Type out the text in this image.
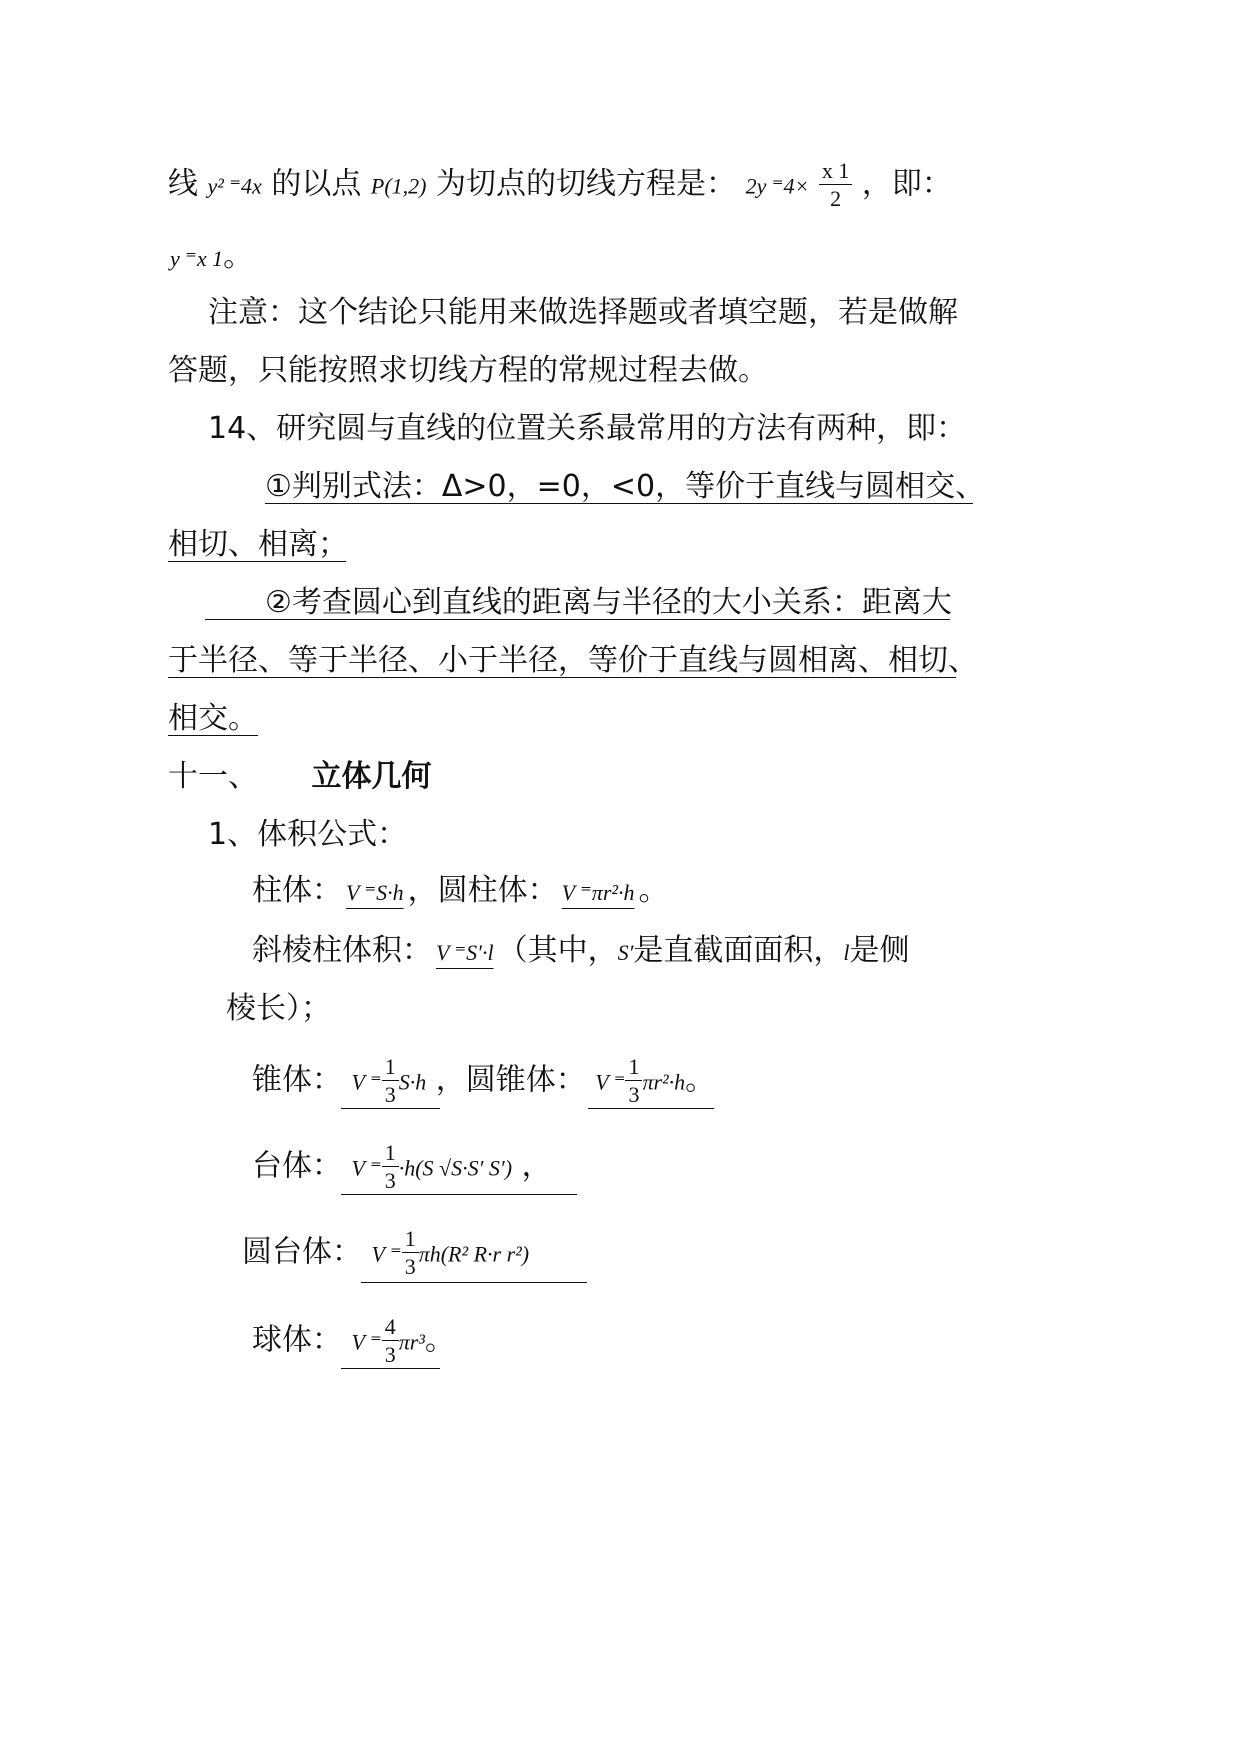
线 y² ⁼4x 的以点 P(1,2) 为切点的切线方程是： 2y $^=4\times \frac{x 1}{2}$ ，即：
y ⁼x 1。
注意：这个结论只能用来做选择题或者填空题，若是做解
答题，只能按照求切线方程的常规过程去做。
14、研究圆与直线的位置关系最常用的方法有两种，即：
①判别式法：Δ>0，=0，<0，等价于直线与圆相交、
相切、相离；
②考查圆心到直线的距离与半径的大小关系：距离大
于半径、等于半径、小于半径，等价于直线与圆相离、相切、
相交。
十一、 立体几何
1、体积公式：
柱体： V ⁼S·h ，圆柱体： V ⁼πr²·h 。
斜棱柱体积： V ⁼S′·l （其中，S′是直截面面积，l是侧
棱长）；
锥体： V ⁼ $\frac{1}{3} S\cdot h$ ，圆锥体： V ⁼ $\frac{1}{3} \pi r^2\cdot h$。
台体： V ⁼ $\frac{1}{3} \cdot h(S$ √S·S′ S′) ，
圆台体： V ⁼ $\frac{1}{3} \pi h(R^2$ R·r r²)
球体： V ⁼ $\frac{4}{3} \pi r^3$。
